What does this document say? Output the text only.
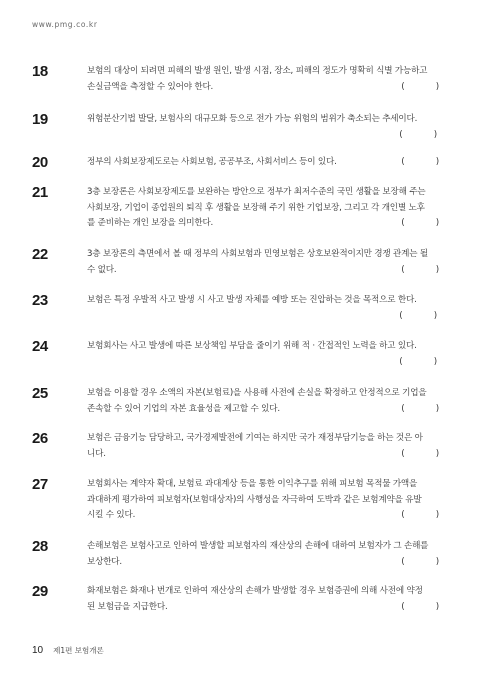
www.pmg.co.kr
18	보험의 대상이 되려면 피해의 발생 원인, 발생 시점, 장소, 피해의 정도가 명확히 식별 가능하고
손실금액을 측정할 수 있어야 한다.	(      )
19	위험분산기법 발달, 보험사의 대규모화 등으로 전가 가능 위험의 범위가 축소되는 추세이다.
(      )
20	정부의 사회보장제도로는 사회보험, 공공부조, 사회서비스 등이 있다.	(      )
21	3층 보장론은 사회보장제도를 보완하는 방안으로 정부가 최저수준의 국민 생활을 보장해 주는
사회보장, 기업이 종업원의 퇴직 후 생활을 보장해 주기 위한 기업보장, 그리고 각 개인별 노후
를 준비하는 개인 보장을 의미한다.	(      )
22	3층 보장론의 측면에서 볼 때 정부의 사회보험과 민영보험은 상호보완적이지만 경쟁 관계는 될
수 없다.	(      )
23	보험은 특정 우발적 사고 발생 시 사고 발생 자체를 예방 또는 진압하는 것을 목적으로 한다.
(      )
24	보험회사는 사고 발생에 따른 보상책임 부담을 줄이기 위해 적 · 간접적인 노력을 하고 있다.
(      )
25	보험을 이용할 경우 소액의 자본(보험료)을 사용해 사전에 손실을 확정하고 안정적으로 기업을
존속할 수 있어 기업의 자본 효율성을 제고할 수 있다.	(      )
26	보험은 금융기능 담당하고, 국가경제발전에 기여는 하지만 국가 재정부담기능을 하는 것은 아
니다.	(      )
27	보험회사는 계약자 확대, 보험료 과대계상 등을 통한 이익추구를 위해 피보험 목적물 가액을
과대하게 평가하여 피보험자(보험대상자)의 사행성을 자극하여 도박과 같은 보험계약을 유발
시킬 수 있다.	(      )
28	손해보험은 보험사고로 인하여 발생할 피보험자의 재산상의 손해에 대하여 보험자가 그 손해를
보상한다.	(      )
29	화재보험은 화재나 번개로 인하여 재산상의 손해가 발생할 경우 보험증권에 의해 사전에 약정
된 보험금을 지급한다.	(      )
10 제1편 보험개론
